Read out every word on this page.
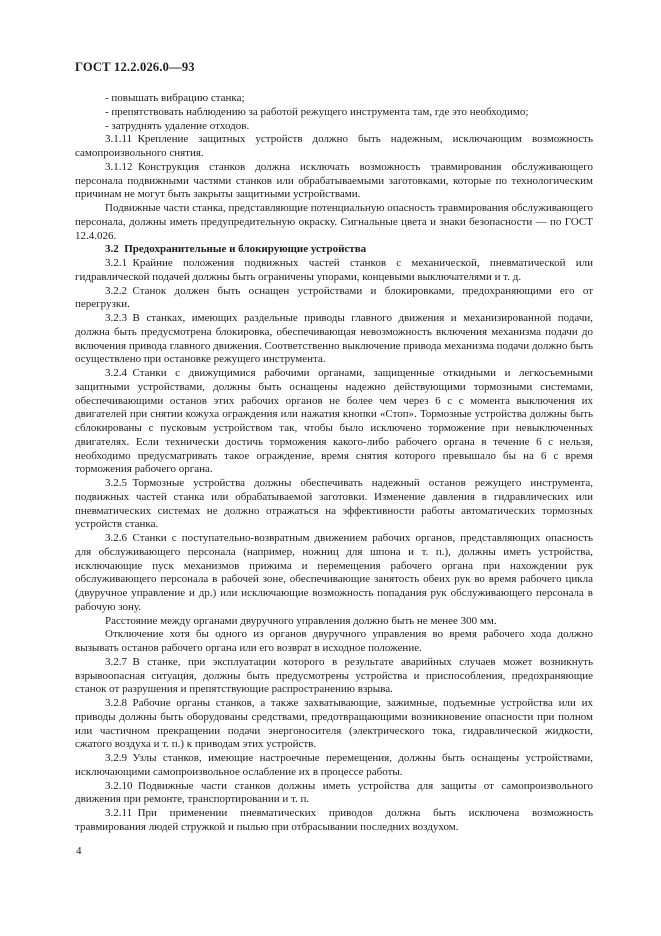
ГОСТ 12.2.026.0—93

- повышать вибрацию станка;

- препятствовать наблюдению за работой режущего инструмента там, где это необходимо;

- затруднять удаление отходов.

3.1.11 Крепление защитных устройств должно быть надежным, исключающим возможность самопроизвольного снятия.

3.1.12 Конструкция станков должна исключать возможность травмирования обслуживающего персонала подвижными частями станков или обрабатываемыми заготовками, которые по технологическим причинам не могут быть закрыты защитными устройствами.

Подвижные части станка, представляющие потенциальную опасность травмирования обслуживающего персонала, должны иметь предупредительную окраску. Сигнальные цвета и знаки безопасности — по ГОСТ 12.4.026.

3.2 Предохранительные и блокирующие устройства

3.2.1 Крайние положения подвижных частей станков с механической, пневматической или гидравлической подачей должны быть ограничены упорами, концевыми выключателями и т. д.

3.2.2 Станок должен быть оснащен устройствами и блокировками, предохраняющими его от перегрузки.

3.2.3 В станках, имеющих раздельные приводы главного движения и механизированной подачи, должна быть предусмотрена блокировка, обеспечивающая невозможность включения механизма подачи до включения привода главного движения. Соответственно выключение привода механизма подачи должно быть осуществлено при остановке режущего инструмента.

3.2.4 Станки с движущимися рабочими органами, защищенные откидными и легкосъемными защитными устройствами, должны быть оснащены надежно действующими тормозными системами, обеспечивающими останов этих рабочих органов не более чем через 6 с с момента выключения их двигателей при снятии кожуха ограждения или нажатия кнопки «Стоп». Тормозные устройства должны быть сблокированы с пусковым устройством так, чтобы было исключено торможение при невыключенных двигателях. Если технически достичь торможения какого-либо рабочего органа в течение 6 с нельзя, необходимо предусматривать такое ограждение, время снятия которого превышало бы на 6 с время торможения рабочего органа.

3.2.5 Тормозные устройства должны обеспечивать надежный останов режущего инструмента, подвижных частей станка или обрабатываемой заготовки. Изменение давления в гидравлических или пневматических системах не должно отражаться на эффективности работы автоматических тормозных устройств станка.

3.2.6 Станки с поступательно-возвратным движением рабочих органов, представляющих опасность для обслуживающего персонала (например, ножниц для шпона и т. п.), должны иметь устройства, исключающие пуск механизмов прижима и перемещения рабочего органа при нахождении рук обслуживающего персонала в рабочей зоне, обеспечивающие занятость обеих рук во время рабочего цикла (двуручное управление и др.) или исключающие возможность попадания рук обслуживающего персонала в рабочую зону.

Расстояние между органами двуручного управления должно быть не менее 300 мм.

Отключение хотя бы одного из органов двуручного управления во время рабочего хода должно вызывать останов рабочего органа или его возврат в исходное положение.

3.2.7 В станке, при эксплуатации которого в результате аварийных случаев может возникнуть взрывоопасная ситуация, должны быть предусмотрены устройства и приспособления, предохраняющие станок от разрушения и препятствующие распространению взрыва.

3.2.8 Рабочие органы станков, а также захватывающие, зажимные, подъемные устройства или их приводы должны быть оборудованы средствами, предотвращающими возникновение опасности при полном или частичном прекращении подачи энергоносителя (электрического тока, гидравлической жидкости, сжатого воздуха и т. п.) к приводам этих устройств.

3.2.9 Узлы станков, имеющие настроечные перемещения, должны быть оснащены устройствами, исключающими самопроизвольное ослабление их в процессе работы.

3.2.10 Подвижные части станков должны иметь устройства для защиты от самопроизвольного движения при ремонте, транспортировании и т. п.

3.2.11 При применении пневматических приводов должна быть исключена возможность травмирования людей стружкой и пылью при отбрасывании последних воздухом.

4
